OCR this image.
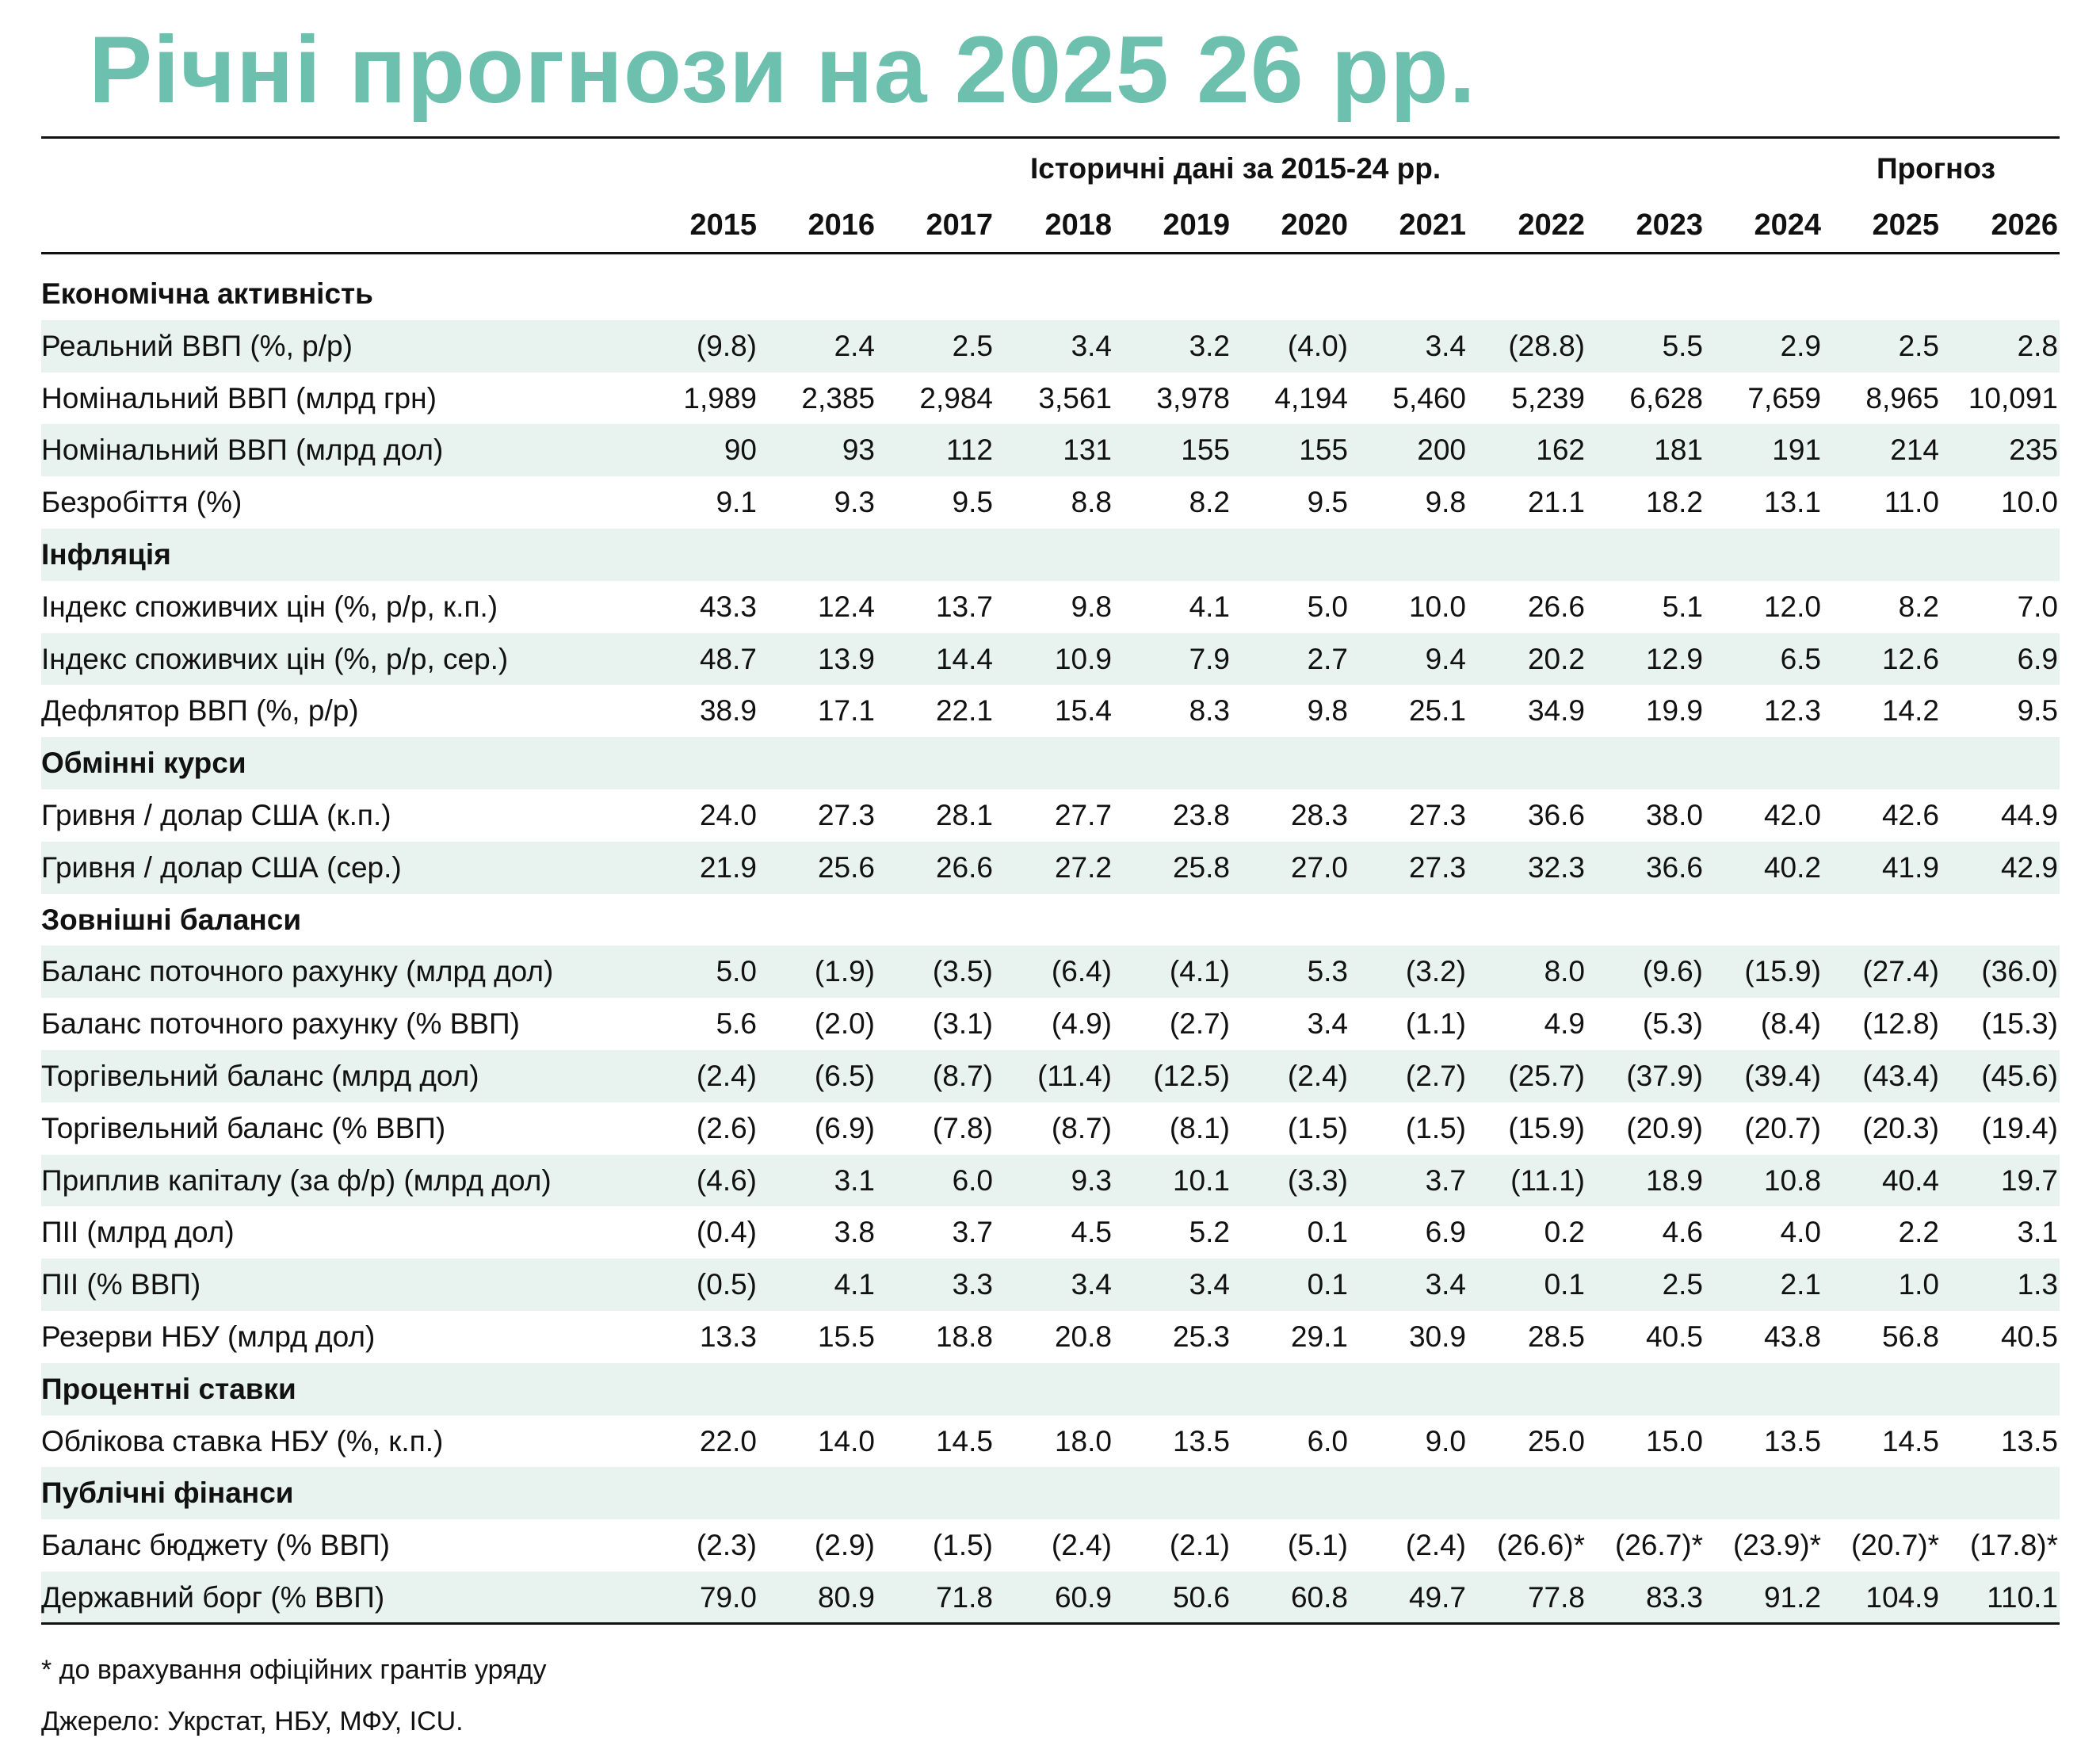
Річні прогнози на 2025 26 рр.
Історичні дані за 2015-24 рр.	Прогноз
2015	2016	2017	2018	2019	2020	2021	2022	2023	2024	2025	2026
Економічна активність
Реальний ВВП (%, р/р)	(9.8)	2.4	2.5	3.4	3.2	(4.0)	3.4	(28.8)	5.5	2.9	2.5	2.8
Номінальний ВВП (млрд грн)	1,989	2,385	2,984	3,561	3,978	4,194	5,460	5,239	6,628	7,659	8,965 10,091
Номінальний ВВП (млрд дол)	90	93	112	131	155	155	200	162	181	191	214	235
Безробіття (%)	9.1	9.3	9.5	8.8	8.2	9.5	9.8	21.1	18.2	13.1	11.0	10.0
Інфляція
Індекс споживчих цін (%, р/р, к.п.)	43.3	12.4	13.7	9.8	4.1	5.0	10.0	26.6	5.1	12.0	8.2	7.0
Індекс споживчих цін (%, р/р, сер.)	48.7	13.9	14.4	10.9	7.9	2.7	9.4	20.2	12.9	6.5	12.6	6.9
Дефлятор ВВП (%, р/р)	38.9	17.1	22.1	15.4	8.3	9.8	25.1	34.9	19.9	12.3	14.2	9.5
Обмінні курси
Гривня / долар США (к.п.)	24.0	27.3	28.1	27.7	23.8	28.3	27.3	36.6	38.0	42.0	42.6	44.9
Гривня / долар США (сер.)	21.9	25.6	26.6	27.2	25.8	27.0	27.3	32.3	36.6	40.2	41.9	42.9
Зовнішні баланси
Баланс поточного рахунку (млрд дол)	5.0	(1.9)	(3.5)	(6.4)	(4.1)	5.3	(3.2)	8.0	(9.6)	(15.9)	(27.4)	(36.0)
Баланс поточного рахунку (% ВВП)	5.6	(2.0)	(3.1)	(4.9)	(2.7)	3.4	(1.1)	4.9	(5.3)	(8.4)	(12.8)	(15.3)
Торгівельний баланс (млрд дол)	(2.4)	(6.5)	(8.7)	(11.4)	(12.5)	(2.4)	(2.7)	(25.7)	(37.9)	(39.4)	(43.4)	(45.6)
Торгівельний баланс (% ВВП)	(2.6)	(6.9)	(7.8)	(8.7)	(8.1)	(1.5)	(1.5)	(15.9)	(20.9)	(20.7)	(20.3)	(19.4)
Приплив капіталу (за ф/р) (млрд дол)	(4.6)	3.1	6.0	9.3	10.1	(3.3)	3.7	(11.1)	18.9	10.8	40.4	19.7
ПІІ (млрд дол)	(0.4)	3.8	3.7	4.5	5.2	0.1	6.9	0.2	4.6	4.0	2.2	3.1
ПІІ (% ВВП)	(0.5)	4.1	3.3	3.4	3.4	0.1	3.4	0.1	2.5	2.1	1.0	1.3
Резерви НБУ (млрд дол)	13.3	15.5	18.8	20.8	25.3	29.1	30.9	28.5	40.5	43.8	56.8	40.5
Процентні ставки
Облікова ставка НБУ (%, к.п.)	22.0	14.0	14.5	18.0	13.5	6.0	9.0	25.0	15.0	13.5	14.5	13.5
Публічні фінанси
Баланс бюджету (% ВВП)	(2.3)	(2.9)	(1.5)	(2.4)	(2.1)	(5.1)	(2.4)	(26.6)*	(26.7)*	(23.9)*	(20.7)*	(17.8)*
Державний борг (% ВВП)	79.0	80.9	71.8	60.9	50.6	60.8	49.7	77.8	83.3	91.2	104.9	110.1
* до врахування офіційних грантів уряду
Джерело: Укрстат, НБУ, МФУ, ICU.
